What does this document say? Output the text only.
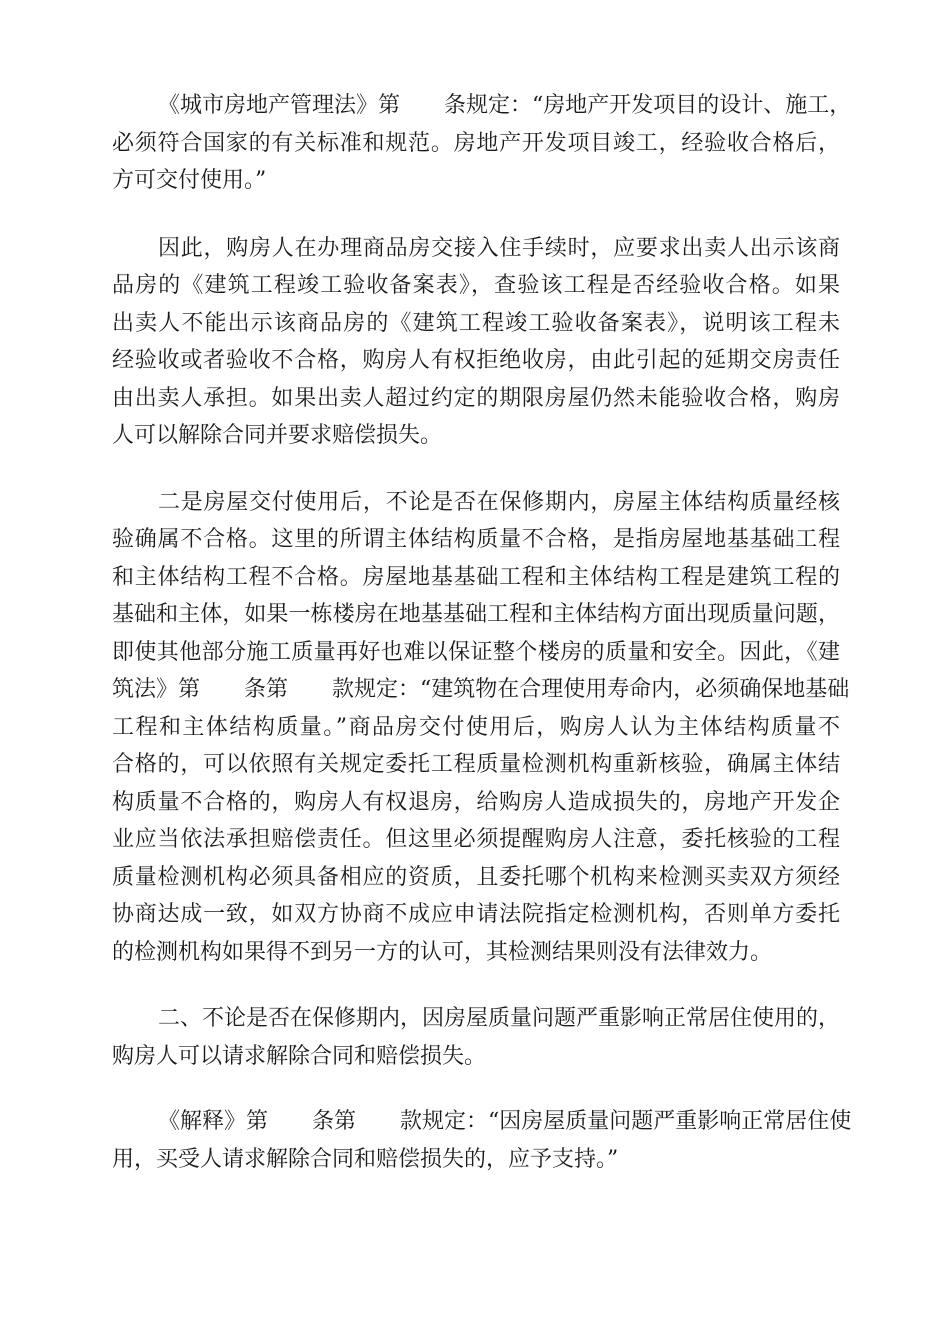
《城市房地产管理法》第　　条规定：“房地产开发项目的设计、施工，
必须符合国家的有关标准和规范。房地产开发项目竣工，经验收合格后，
方可交付使用。”
因此，购房人在办理商品房交接入住手续时，应要求出卖人出示该商
品房的《建筑工程竣工验收备案表》，查验该工程是否经验收合格。如果
出卖人不能出示该商品房的《建筑工程竣工验收备案表》，说明该工程未
经验收或者验收不合格，购房人有权拒绝收房，由此引起的延期交房责任
由出卖人承担。如果出卖人超过约定的期限房屋仍然未能验收合格，购房
人可以解除合同并要求赔偿损失。
二是房屋交付使用后，不论是否在保修期内，房屋主体结构质量经核
验确属不合格。这里的所谓主体结构质量不合格，是指房屋地基基础工程
和主体结构工程不合格。房屋地基基础工程和主体结构工程是建筑工程的
基础和主体，如果一栋楼房在地基基础工程和主体结构方面出现质量问题，
即使其他部分施工质量再好也难以保证整个楼房的质量和安全。因此，《建
筑法》第　　条第　　款规定：“建筑物在合理使用寿命内，必须确保地基础
工程和主体结构质量。”商品房交付使用后，购房人认为主体结构质量不
合格的，可以依照有关规定委托工程质量检测机构重新核验，确属主体结
构质量不合格的，购房人有权退房，给购房人造成损失的，房地产开发企
业应当依法承担赔偿责任。但这里必须提醒购房人注意，委托核验的工程
质量检测机构必须具备相应的资质，且委托哪个机构来检测买卖双方须经
协商达成一致，如双方协商不成应申请法院指定检测机构，否则单方委托
的检测机构如果得不到另一方的认可，其检测结果则没有法律效力。
二、不论是否在保修期内，因房屋质量问题严重影响正常居住使用的，
购房人可以请求解除合同和赔偿损失。
《解释》第　　条第　　款规定：“因房屋质量问题严重影响正常居住使
用，买受人请求解除合同和赔偿损失的，应予支持。”
